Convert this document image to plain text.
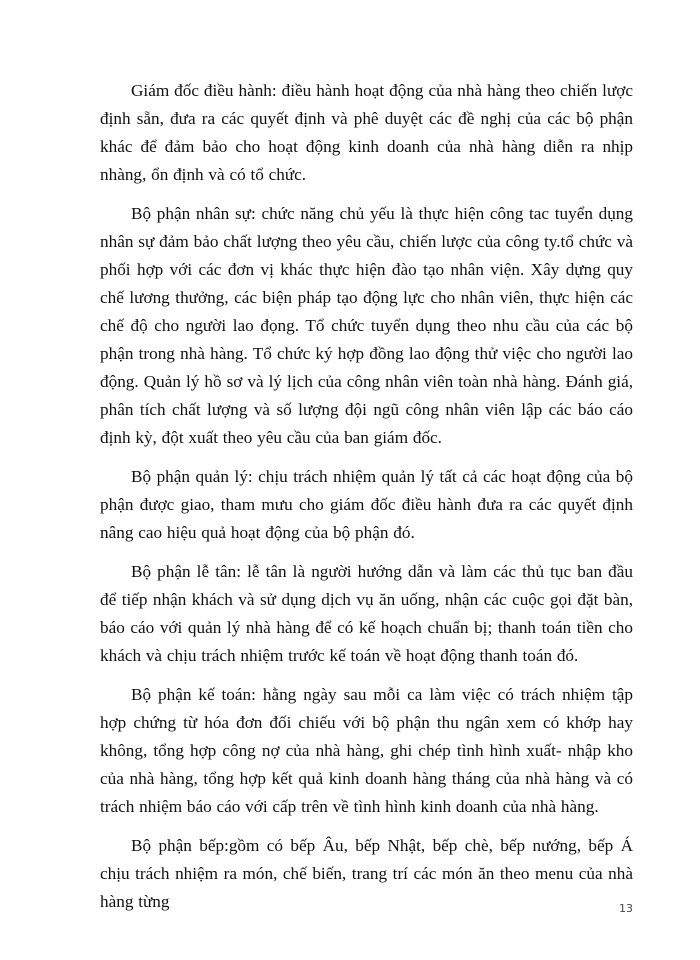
Giám đốc điều hành: điều hành hoạt động của nhà hàng theo chiến lược định sẵn, đưa ra các quyết định và phê duyệt các đề nghị của các bộ phận khác để đảm bảo cho hoạt động kinh doanh của nhà hàng diễn ra nhịp nhàng, ổn định và có tổ chức.

Bộ phận nhân sự: chức năng chủ yếu là thực hiện công tac tuyển dụng nhân sự đảm bảo chất lượng theo yêu cầu, chiến lược của công ty.tổ chức và phối hợp với các đơn vị khác thực hiện đào tạo nhân viện. Xây dựng quy chế lương thưởng, các biện pháp tạo động lực cho nhân viên, thực hiện các chế độ cho người lao đọng. Tổ chức tuyển dụng theo nhu cầu của các bộ phận trong nhà hàng. Tổ chức ký hợp đồng lao động thử việc cho người lao động. Quản lý hồ sơ và lý lịch của công nhân viên toàn nhà hàng. Đánh giá, phân tích chất lượng và số lượng đội ngũ công nhân viên lập các báo cáo định kỳ, đột xuất theo yêu cầu của ban giám đốc.

Bộ phận quản lý: chịu trách nhiệm quản lý tất cả các hoạt động của bộ phận được giao, tham mưu cho giám đốc điều hành đưa ra các quyết định nâng cao hiệu quả hoạt động của bộ phận đó.

Bộ phận lễ tân: lễ tân là người hướng dẫn và làm các thủ tục ban đầu để tiếp nhận khách và sử dụng dịch vụ ăn uống, nhận các cuộc gọi đặt bàn, báo cáo với quản lý nhà hàng để có kế hoạch chuẩn bị; thanh toán tiền cho khách và chịu trách nhiệm trước kế toán về hoạt động thanh toán đó.

Bộ phận kế toán: hằng ngày sau mỗi ca làm việc có trách nhiệm tập hợp chứng từ hóa đơn đối chiếu với bộ phận thu ngân xem có khớp hay không, tổng hợp công nợ của nhà hàng, ghi chép tình hình xuất- nhập kho của nhà hàng, tổng hợp kết quả kinh doanh hàng tháng của nhà hàng và có trách nhiệm báo cáo với cấp trên về tình hình kinh doanh của nhà hàng.

Bộ phận bếp:gồm có bếp Âu, bếp Nhật, bếp chè, bếp nướng, bếp Á chịu trách nhiệm ra món, chế biến, trang trí các món ăn theo menu của nhà hàng từng	13
